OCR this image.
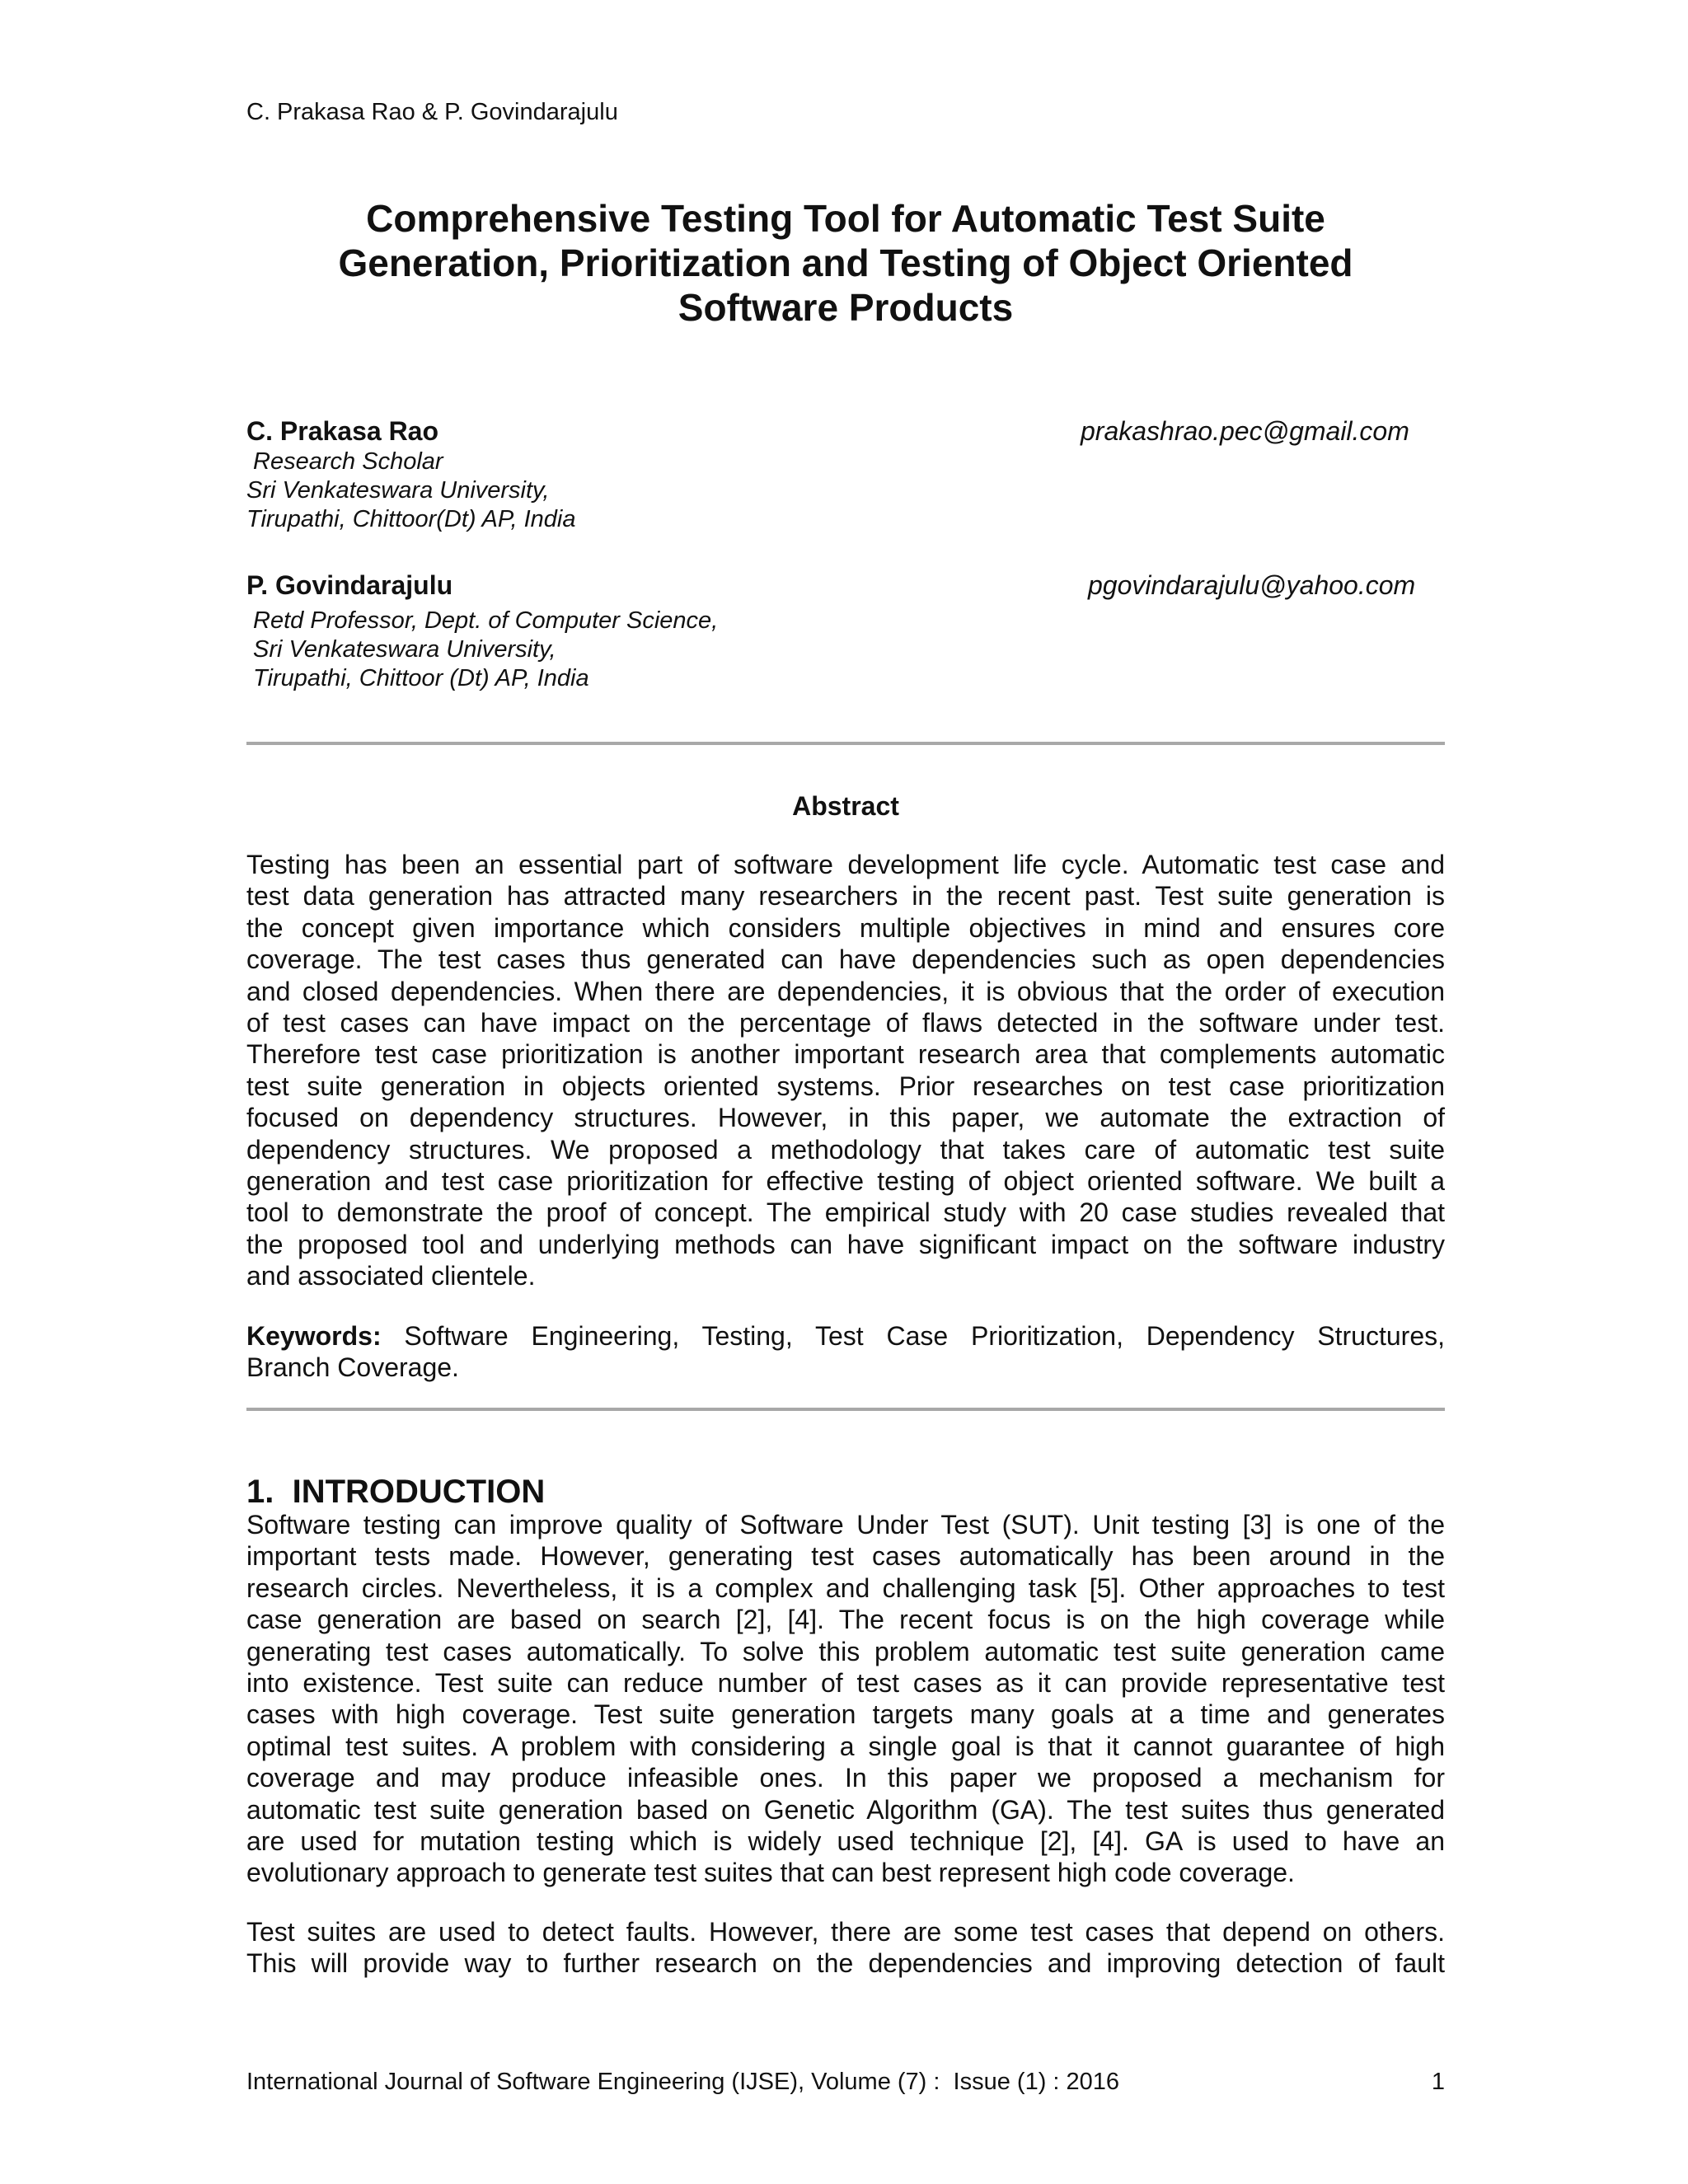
C. Prakasa Rao & P. Govindarajulu
Comprehensive Testing Tool for Automatic Test Suite
Generation, Prioritization and Testing of Object Oriented
Software Products
C. Prakasa Rao	prakashrao.pec@gmail.com
Research Scholar
Sri Venkateswara University,
Tirupathi, Chittoor(Dt) AP, India
P. Govindarajulu	pgovindarajulu@yahoo.com
Retd Professor, Dept. of Computer Science,
Sri Venkateswara University,
Tirupathi, Chittoor (Dt) AP, India
Abstract
Testing has been an essential part of software development life cycle. Automatic test case and
test data generation has attracted many researchers in the recent past. Test suite generation is
the concept given importance which considers multiple objectives in mind and ensures core
coverage. The test cases thus generated can have dependencies such as open dependencies
and closed dependencies. When there are dependencies, it is obvious that the order of execution
of test cases can have impact on the percentage of flaws detected in the software under test.
Therefore test case prioritization is another important research area that complements automatic
test suite generation in objects oriented systems. Prior researches on test case prioritization
focused on dependency structures. However, in this paper, we automate the extraction of
dependency structures. We proposed a methodology that takes care of automatic test suite
generation and test case prioritization for effective testing of object oriented software. We built a
tool to demonstrate the proof of concept. The empirical study with 20 case studies revealed that
the proposed tool and underlying methods can have significant impact on the software industry
and associated clientele.
Keywords: Software Engineering, Testing, Test Case Prioritization, Dependency Structures,
Branch Coverage.
1.  INTRODUCTION
Software testing can improve quality of Software Under Test (SUT). Unit testing [3] is one of the
important tests made. However, generating test cases automatically has been around in the
research circles. Nevertheless, it is a complex and challenging task [5]. Other approaches to test
case generation are based on search [2], [4]. The recent focus is on the high coverage while
generating test cases automatically. To solve this problem automatic test suite generation came
into existence. Test suite can reduce number of test cases as it can provide representative test
cases with high coverage. Test suite generation targets many goals at a time and generates
optimal test suites. A problem with considering a single goal is that it cannot guarantee of high
coverage and may produce infeasible ones. In this paper we proposed a mechanism for
automatic test suite generation based on Genetic Algorithm (GA). The test suites thus generated
are used for mutation testing which is widely used technique [2], [4]. GA is used to have an
evolutionary approach to generate test suites that can best represent high code coverage.
Test suites are used to detect faults. However, there are some test cases that depend on others.
This will provide way to further research on the dependencies and improving detection of fault
International Journal of Software Engineering (IJSE), Volume (7) :  Issue (1) : 2016	1
